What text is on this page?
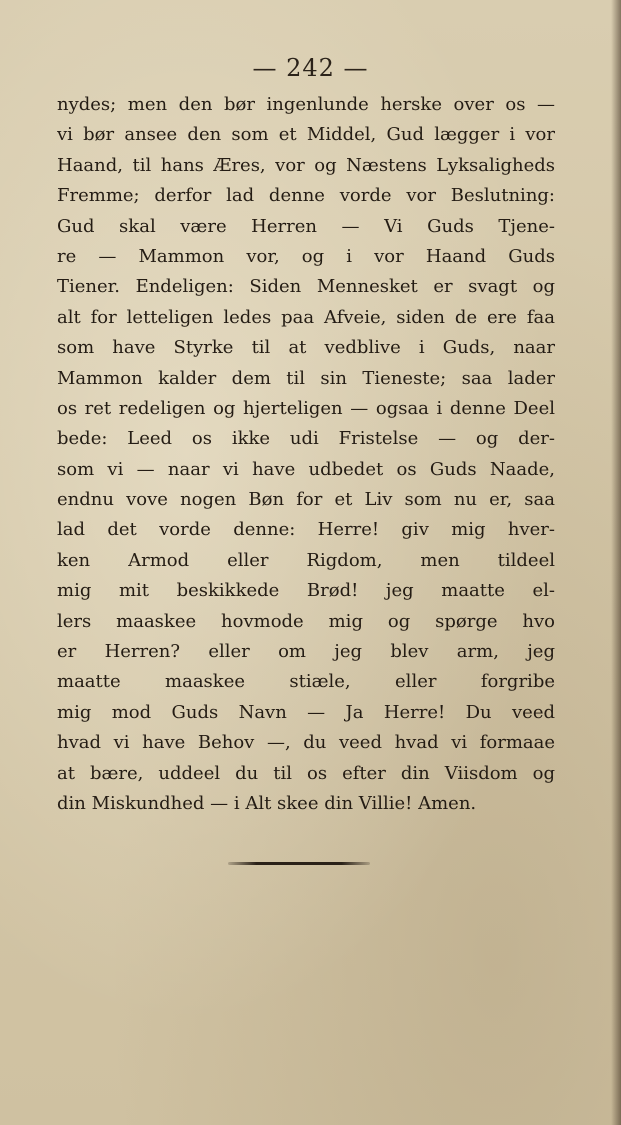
— 242 —
nydes; men den bør ingenlunde herske over os —
vi bør ansee den som et Middel, Gud lægger i vor
Haand, til hans Æres, vor og Næstens Lyksaligheds
Fremme; derfor lad denne vorde vor Beslutning:
Gud skal være Herren — Vi Guds Tjene-
re — Mammon vor, og i vor Haand Guds
Tiener. Endeligen: Siden Mennesket er svagt og
alt for letteligen ledes paa Afveie, siden de ere faa
som have Styrke til at vedblive i Guds, naar
Mammon kalder dem til sin Tieneste; saa lader
os ret redeligen og hjerteligen — ogsaa i denne Deel
bede: Leed os ikke udi Fristelse — og der-
som vi — naar vi have udbedet os Guds Naade,
endnu vove nogen Bøn for et Liv som nu er, saa
lad det vorde denne: Herre! giv mig hver-
ken Armod eller Rigdom, men tildeel
mig mit beskikkede Brød! jeg maatte el-
lers maaskee hovmode mig og spørge hvo
er Herren? eller om jeg blev arm, jeg
maatte maaskee stiæle, eller forgribe
mig mod Guds Navn — Ja Herre! Du veed
hvad vi have Behov —, du veed hvad vi formaae
at bære, uddeel du til os efter din Viisdom og
din Miskundhed — i Alt skee din Villie! Amen.
